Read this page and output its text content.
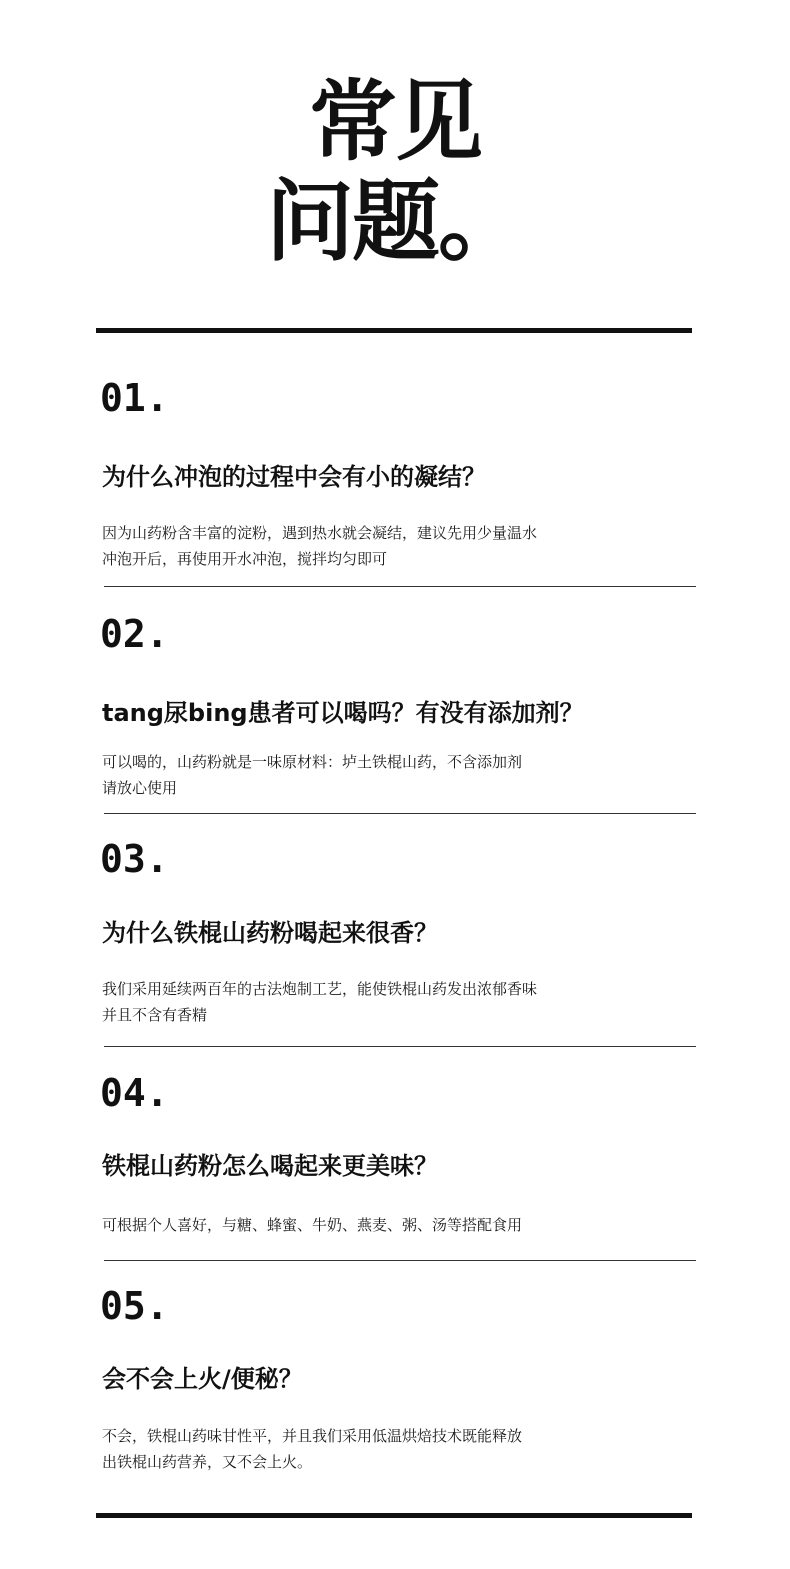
常见
问题。

01.

为什么冲泡的过程中会有小的凝结？

因为山药粉含丰富的淀粉，遇到热水就会凝结，建议先用少量温水
冲泡开后，再使用开水冲泡，搅拌均匀即可

02.

tang尿bing患者可以喝吗？有没有添加剂？

可以喝的，山药粉就是一味原材料：垆土铁棍山药，不含添加剂
请放心使用

03.

为什么铁棍山药粉喝起来很香？

我们采用延续两百年的古法炮制工艺，能使铁棍山药发出浓郁香味
并且不含有香精

04.

铁棍山药粉怎么喝起来更美味？

可根据个人喜好，与糖、蜂蜜、牛奶、燕麦、粥、汤等搭配食用

05.

会不会上火/便秘？

不会，铁棍山药味甘性平，并且我们采用低温烘焙技术既能释放
出铁棍山药营养，又不会上火。
